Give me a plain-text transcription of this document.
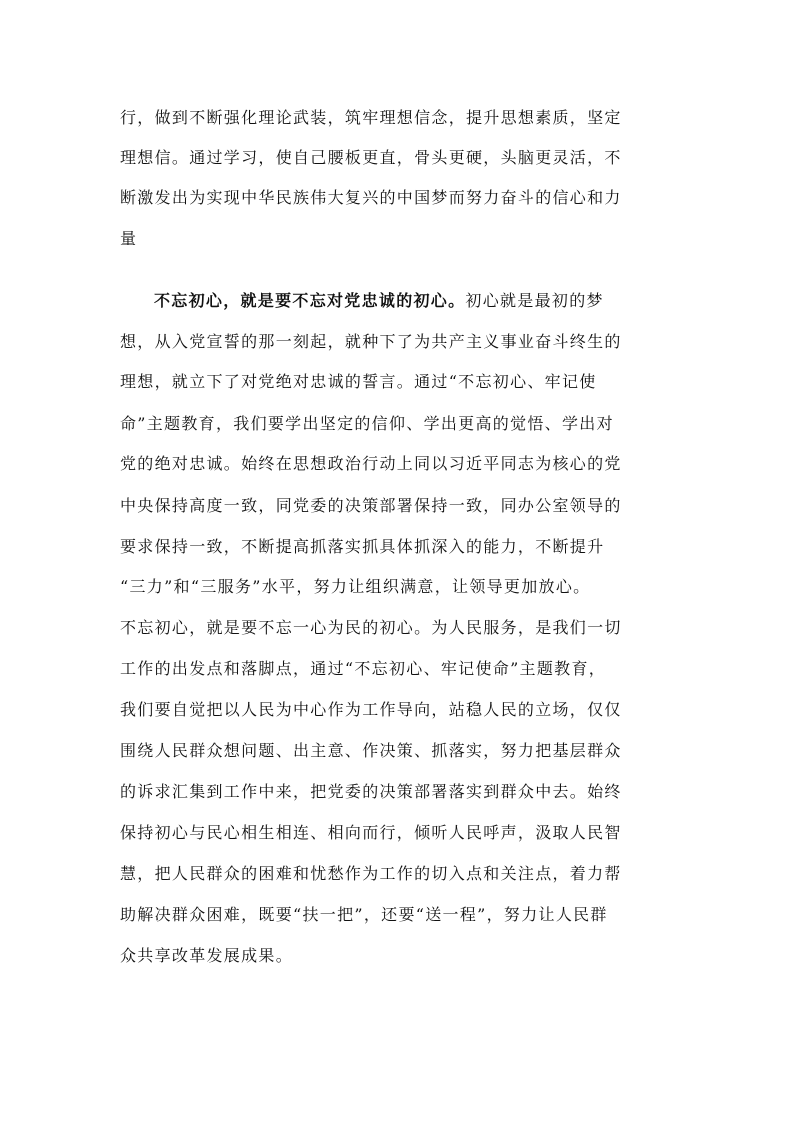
行，做到不断强化理论武装，筑牢理想信念，提升思想素质，坚定
理想信。通过学习，使自己腰板更直，骨头更硬，头脑更灵活，不
断激发出为实现中华民族伟大复兴的中国梦而努力奋斗的信心和力
量
不忘初心，就是要不忘对党忠诚的初心。初心就是最初的梦
想，从入党宣誓的那一刻起，就种下了为共产主义事业奋斗终生的
理想，就立下了对党绝对忠诚的誓言。通过“不忘初心、牢记使
命”主题教育，我们要学出坚定的信仰、学出更高的觉悟、学出对
党的绝对忠诚。始终在思想政治行动上同以习近平同志为核心的党
中央保持高度一致，同党委的决策部署保持一致，同办公室领导的
要求保持一致，不断提高抓落实抓具体抓深入的能力，不断提升
“三力”和“三服务”水平，努力让组织满意，让领导更加放心。
不忘初心，就是要不忘一心为民的初心。为人民服务，是我们一切
工作的出发点和落脚点，通过“不忘初心、牢记使命”主题教育，
我们要自觉把以人民为中心作为工作导向，站稳人民的立场，仅仅
围绕人民群众想问题、出主意、作决策、抓落实，努力把基层群众
的诉求汇集到工作中来，把党委的决策部署落实到群众中去。始终
保持初心与民心相生相连、相向而行，倾听人民呼声，汲取人民智
慧，把人民群众的困难和忧愁作为工作的切入点和关注点，着力帮
助解决群众困难，既要“扶一把”，还要“送一程”，努力让人民群
众共享改革发展成果。
